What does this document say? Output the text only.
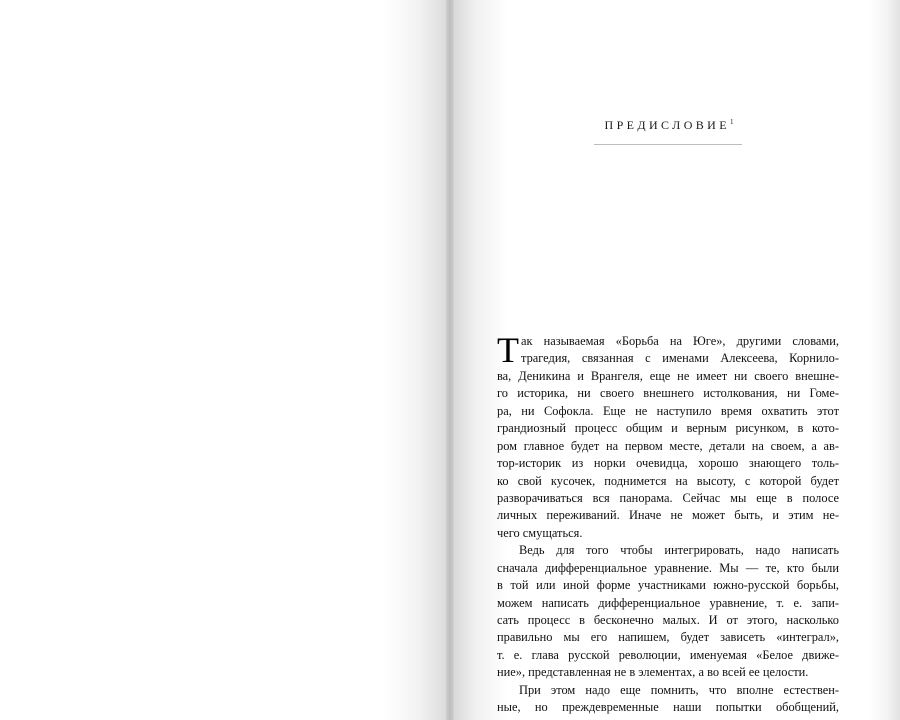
ПРЕДИСЛОВИЕ$^1$
Т ак называемая «Борьба на Юге», другими словами,
трагедия, связанная с именами Алексеева, Корнило-
ва, Деникина и Врангеля, еще не имеет ни своего внешне-
го историка, ни своего внешнего истолкования, ни Гоме-
ра, ни Софокла. Еще не наступило время охватить этот
грандиозный процесс общим и верным рисунком, в кото-
ром главное будет на первом месте, детали на своем, а ав-
тор-историк из норки очевидца, хорошо знающего толь-
ко свой кусочек, поднимется на высоту, с которой будет
разворачиваться вся панорама. Сейчас мы еще в полосе
личных переживаний. Иначе не может быть, и этим не-
чего смущаться.
Ведь для того чтобы интегрировать, надо написать
сначала дифференциальное уравнение. Мы — те, кто были
в той или иной форме участниками южно-русской борьбы,
можем написать дифференциальное уравнение, т. е. запи-
сать процесс в бесконечно малых. И от этого, насколько
правильно мы его напишем, будет зависеть «интеграл»,
т. е. глава русской революции, именуемая «Белое движе-
ние», представленная не в элементах, а во всей ее целости.
При этом надо еще помнить, что вполне естествен-
ные, но преждевременные наши попытки обобщений,
